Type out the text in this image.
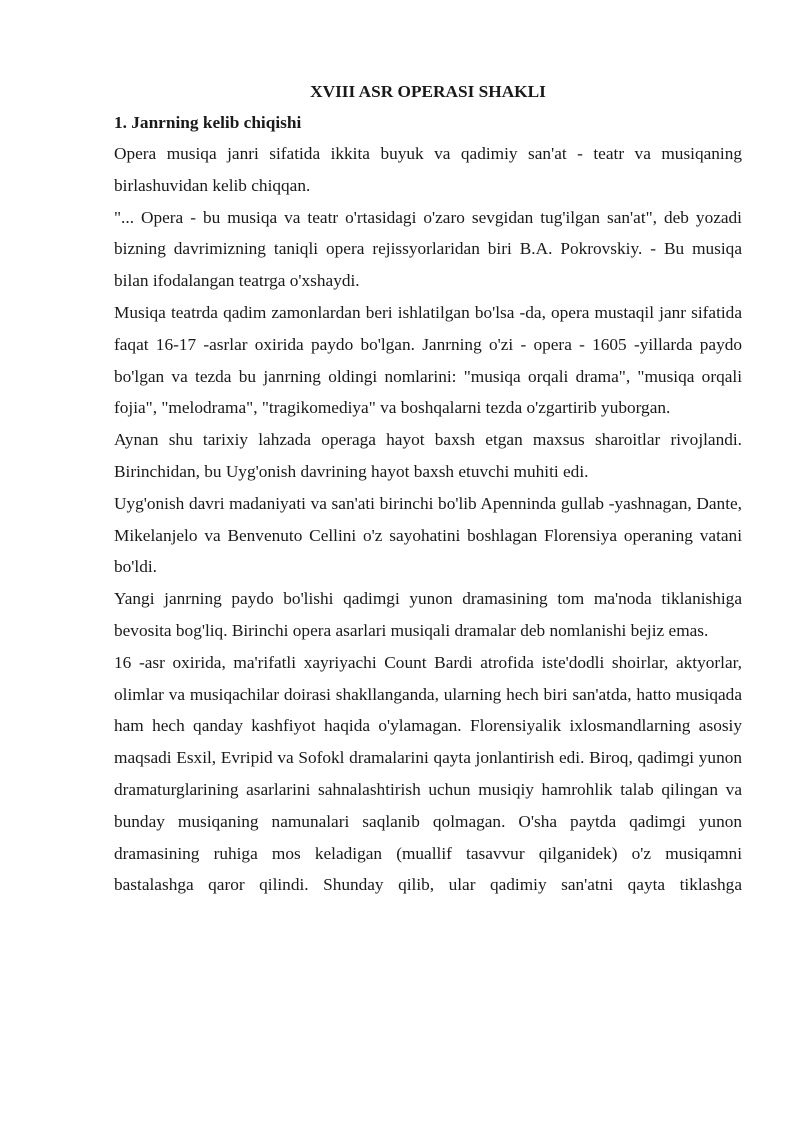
XVIII ASR OPERASI SHAKLI
1. Janrning kelib chiqishi

Opera musiqa janri sifatida ikkita buyuk va qadimiy san'at - teatr va musiqaning birlashuvidan kelib chiqqan.

"... Opera - bu musiqa va teatr o'rtasidagi o'zaro sevgidan tug'ilgan san'at", deb yozadi bizning davrimizning taniqli opera rejissyorlaridan biri B.A. Pokrovskiy. - Bu musiqa bilan ifodalangan teatrga o'xshaydi.

Musiqa teatrda qadim zamonlardan beri ishlatilgan bo'lsa -da, opera mustaqil janr sifatida faqat 16-17 -asrlar oxirida paydo bo'lgan. Janrning o'zi - opera - 1605 -yillarda paydo bo'lgan va tezda bu janrning oldingi nomlarini: "musiqa orqali drama", "musiqa orqali fojia", "melodrama", "tragikomediya" va boshqalarni tezda o'zgartirib yuborgan.

Aynan shu tarixiy lahzada operaga hayot baxsh etgan maxsus sharoitlar rivojlandi. Birinchidan, bu Uyg'onish davrining hayot baxsh etuvchi muhiti edi.

Uyg'onish davri madaniyati va san'ati birinchi bo'lib Apenninda gullab -yashnagan, Dante, Mikelanjelo va Benvenuto Cellini o'z sayohatini boshlagan Florensiya operaning vatani bo'ldi.

Yangi janrning paydo bo'lishi qadimgi yunon dramasining tom ma'noda tiklanishiga bevosita bog'liq. Birinchi opera asarlari musiqali dramalar deb nomlanishi bejiz emas.

16 -asr oxirida, ma'rifatli xayriyachi Count Bardi atrofida iste'dodli shoirlar, aktyorlar, olimlar va musiqachilar doirasi shakllanganda, ularning hech biri san'atda, hatto musiqada ham hech qanday kashfiyot haqida o'ylamagan. Florensiyalik ixlosmandlarning asosiy maqsadi Esxil, Evripid va Sofokl dramalarini qayta jonlantirish edi. Biroq, qadimgi yunon dramaturglarining asarlarini sahnalashtirish uchun musiqiy hamrohlik talab qilingan va bunday musiqaning namunalari saqlanib qolmagan. O'sha paytda qadimgi yunon dramasining ruhiga mos keladigan (muallif tasavvur qilganidek) o'z musiqamni bastalashga qaror qilindi. Shunday qilib, ular qadimiy san'atni qayta tiklashga
